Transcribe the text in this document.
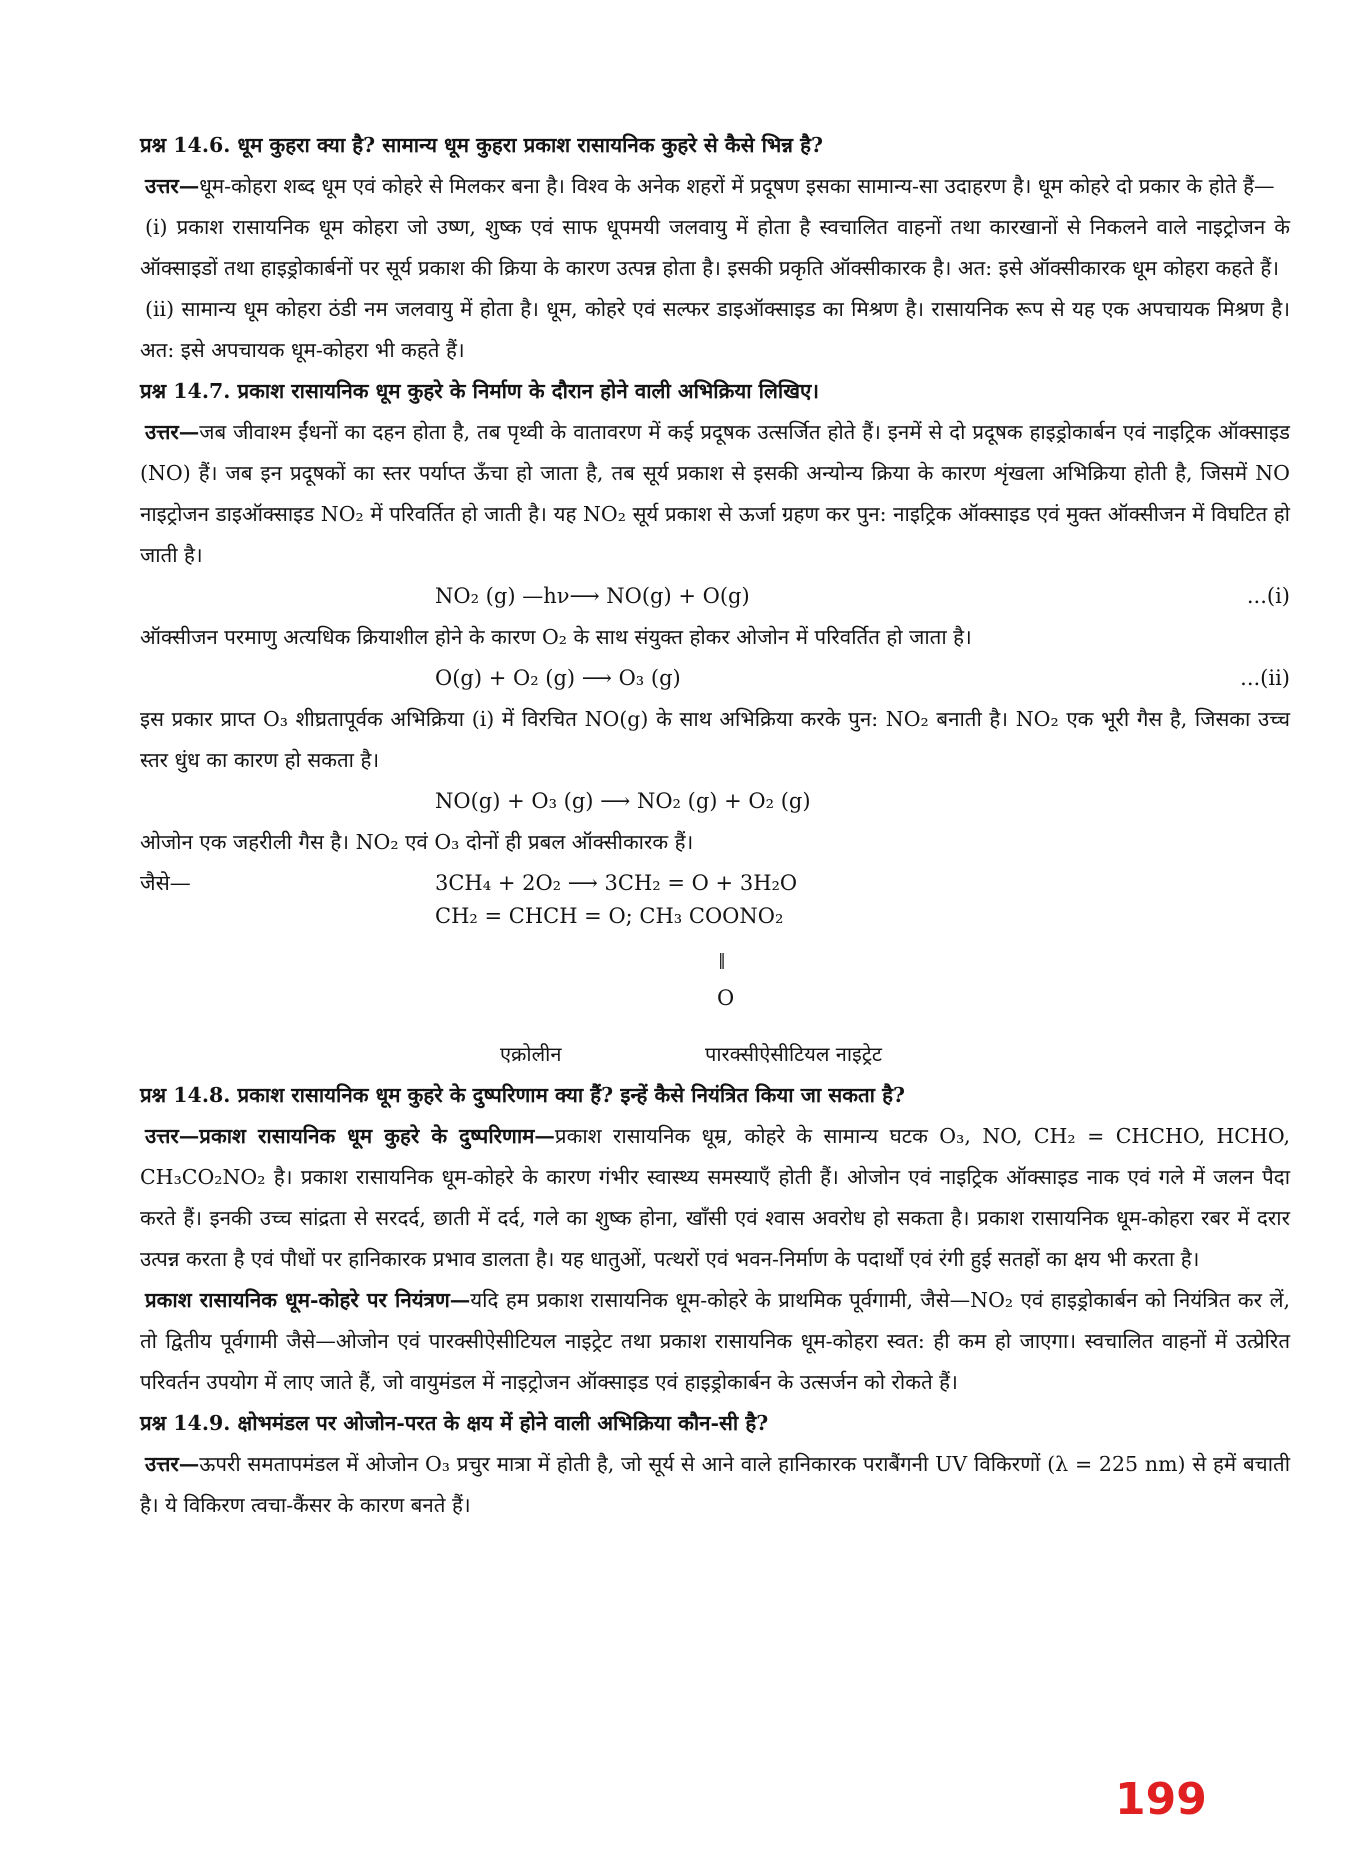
प्रश्न 14.6. धूम कुहरा क्या है? सामान्य धूम कुहरा प्रकाश रासायनिक कुहरे से कैसे भिन्न है?

उत्तर—धूम-कोहरा शब्द धूम एवं कोहरे से मिलकर बना है। विश्व के अनेक शहरों में प्रदूषण इसका सामान्य-सा उदाहरण है। धूम कोहरे दो प्रकार के होते हैं—

(i) प्रकाश रासायनिक धूम कोहरा जो उष्ण, शुष्क एवं साफ धूपमयी जलवायु में होता है स्वचालित वाहनों तथा कारखानों से निकलने वाले नाइट्रोजन के ऑक्साइडों तथा हाइड्रोकार्बनों पर सूर्य प्रकाश की क्रिया के कारण उत्पन्न होता है। इसकी प्रकृति ऑक्सीकारक है। अत: इसे ऑक्सीकारक धूम कोहरा कहते हैं।

(ii) सामान्य धूम कोहरा ठंडी नम जलवायु में होता है। धूम, कोहरे एवं सल्फर डाइऑक्साइड का मिश्रण है। रासायनिक रूप से यह एक अपचायक मिश्रण है। अत: इसे अपचायक धूम-कोहरा भी कहते हैं।

प्रश्न 14.7. प्रकाश रासायनिक धूम कुहरे के निर्माण के दौरान होने वाली अभिक्रिया लिखिए।

उत्तर—जब जीवाश्म ईंधनों का दहन होता है, तब पृथ्वी के वातावरण में कई प्रदूषक उत्सर्जित होते हैं। इनमें से दो प्रदूषक हाइड्रोकार्बन एवं नाइट्रिक ऑक्साइड (NO) हैं। जब इन प्रदूषकों का स्तर पर्याप्त ऊँचा हो जाता है, तब सूर्य प्रकाश से इसकी अन्योन्य क्रिया के कारण शृंखला अभिक्रिया होती है, जिसमें NO नाइट्रोजन डाइऑक्साइड NO₂ में परिवर्तित हो जाती है। यह NO₂ सूर्य प्रकाश से ऊर्जा ग्रहण कर पुन: नाइट्रिक ऑक्साइड एवं मुक्त ऑक्सीजन में विघटित हो जाती है।

NO₂ (g) —hν⟶ NO(g) + O(g)	...(i)

ऑक्सीजन परमाणु अत्यधिक क्रियाशील होने के कारण O₂ के साथ संयुक्त होकर ओजोन में परिवर्तित हो जाता है।

O(g) + O₂ (g) ⟶ O₃ (g)	...(ii)

इस प्रकार प्राप्त O₃ शीघ्रतापूर्वक अभिक्रिया (i) में विरचित NO(g) के साथ अभिक्रिया करके पुन: NO₂ बनाती है। NO₂ एक भूरी गैस है, जिसका उच्च स्तर धुंध का कारण हो सकता है।

NO(g) + O₃ (g) ⟶ NO₂ (g) + O₂ (g)

ओजोन एक जहरीली गैस है। NO₂ एवं O₃ दोनों ही प्रबल ऑक्सीकारक हैं।

जैसे—	3CH₄ + 2O₂ ⟶ 3CH₂ = O + 3H₂O
CH₂ = CHCH = O; CH₃ COONO₂
||
O
एक्रोलीन	पारक्सीऐसीटियल नाइट्रेट

प्रश्न 14.8. प्रकाश रासायनिक धूम कुहरे के दुष्परिणाम क्या हैं? इन्हें कैसे नियंत्रित किया जा सकता है?

उत्तर—प्रकाश रासायनिक धूम कुहरे के दुष्परिणाम—प्रकाश रासायनिक धूम्र, कोहरे के सामान्य घटक O₃, NO, CH₂ = CHCHO, HCHO, CH₃CO₂NO₂ है। प्रकाश रासायनिक धूम-कोहरे के कारण गंभीर स्वास्थ्य समस्याएँ होती हैं। ओजोन एवं नाइट्रिक ऑक्साइड नाक एवं गले में जलन पैदा करते हैं। इनकी उच्च सांद्रता से सरदर्द, छाती में दर्द, गले का शुष्क होना, खाँसी एवं श्वास अवरोध हो सकता है। प्रकाश रासायनिक धूम-कोहरा रबर में दरार उत्पन्न करता है एवं पौधों पर हानिकारक प्रभाव डालता है। यह धातुओं, पत्थरों एवं भवन-निर्माण के पदार्थों एवं रंगी हुई सतहों का क्षय भी करता है।

प्रकाश रासायनिक धूम-कोहरे पर नियंत्रण—यदि हम प्रकाश रासायनिक धूम-कोहरे के प्राथमिक पूर्वगामी, जैसे—NO₂ एवं हाइड्रोकार्बन को नियंत्रित कर लें, तो द्वितीय पूर्वगामी जैसे—ओजोन एवं पारक्सीऐसीटियल नाइट्रेट तथा प्रकाश रासायनिक धूम-कोहरा स्वत: ही कम हो जाएगा। स्वचालित वाहनों में उत्प्रेरित परिवर्तन उपयोग में लाए जाते हैं, जो वायुमंडल में नाइट्रोजन ऑक्साइड एवं हाइड्रोकार्बन के उत्सर्जन को रोकते हैं।

प्रश्न 14.9. क्षोभमंडल पर ओजोन-परत के क्षय में होने वाली अभिक्रिया कौन-सी है?

उत्तर—ऊपरी समतापमंडल में ओजोन O₃ प्रचुर मात्रा में होती है, जो सूर्य से आने वाले हानिकारक पराबैंगनी UV विकिरणों (λ = 225 nm) से हमें बचाती है। ये विकिरण त्वचा-कैंसर के कारण बनते हैं।

199
